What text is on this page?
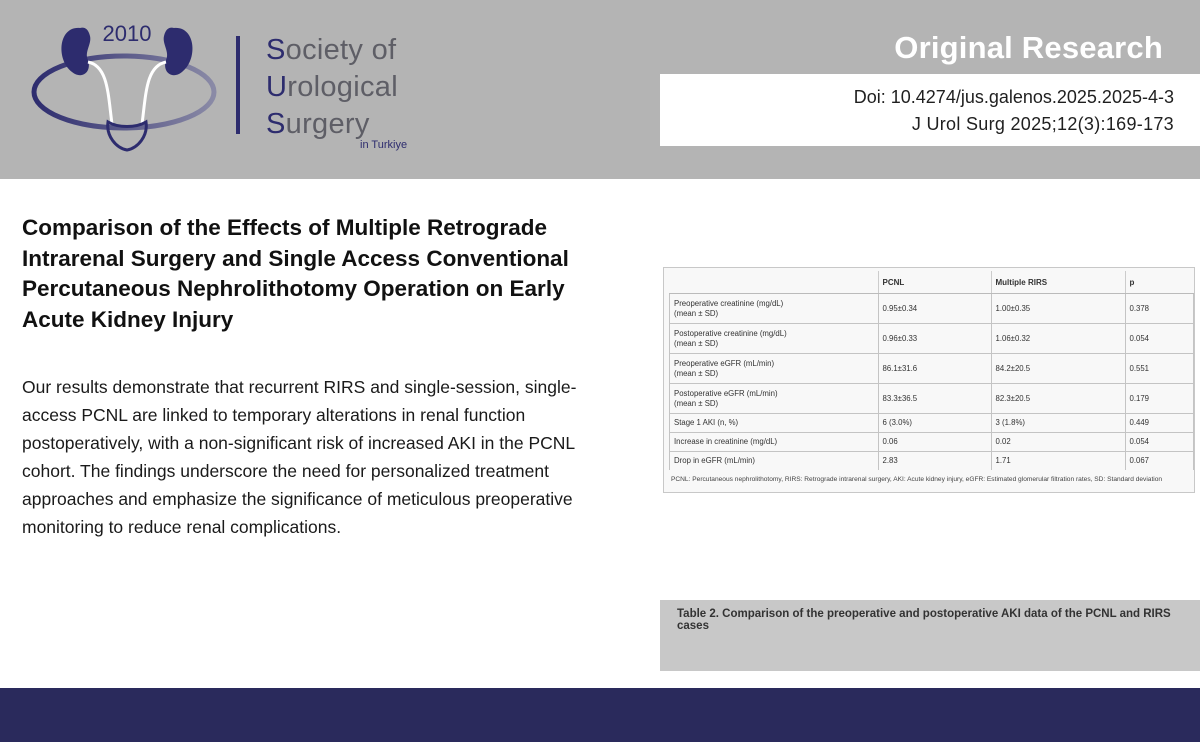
2010
Society of
Urological
Surgery
in Turkiye
Original Research
Doi: 10.4274/jus.galenos.2025.2025-4-3
J Urol Surg 2025;12(3):169-173
Comparison of the Effects of Multiple Retrograde Intrarenal Surgery and Single Access Conventional Percutaneous Nephrolithotomy Operation on Early Acute Kidney Injury
Our results demonstrate that recurrent RIRS and single-session, single-access PCNL are linked to temporary alterations in renal function postoperatively, with a non-significant risk of increased AKI in the PCNL cohort. The findings underscore the need for personalized treatment approaches and emphasize the significance of meticulous preoperative monitoring to reduce renal complications.
	PCNL	Multiple RIRS	p

Preoperative creatinine (mg/dL)
(mean ± SD)	0.95±0.34	1.00±0.35	0.378

Postoperative creatinine (mg/dL)
(mean ± SD)	0.96±0.33	1.06±0.32	0.054

Preoperative eGFR (mL/min)
(mean ± SD)	86.1±31.6	84.2±20.5	0.551

Postoperative eGFR (mL/min)
(mean ± SD)	83.3±36.5	82.3±20.5	0.179
Stage 1 AKI (n, %)	6 (3.0%)	3 (1.8%)	0.449
Increase in creatinine (mg/dL)	0.06	0.02	0.054
Drop in eGFR (mL/min)	2.83	1.71	0.067
PCNL: Percutaneous nephrolithotomy, RIRS: Retrograde intrarenal surgery, AKI: Acute kidney injury, eGFR: Estimated glomerular filtration rates, SD: Standard deviation
Table 2. Comparison of the preoperative and postoperative AKI data of the PCNL and RIRS cases
